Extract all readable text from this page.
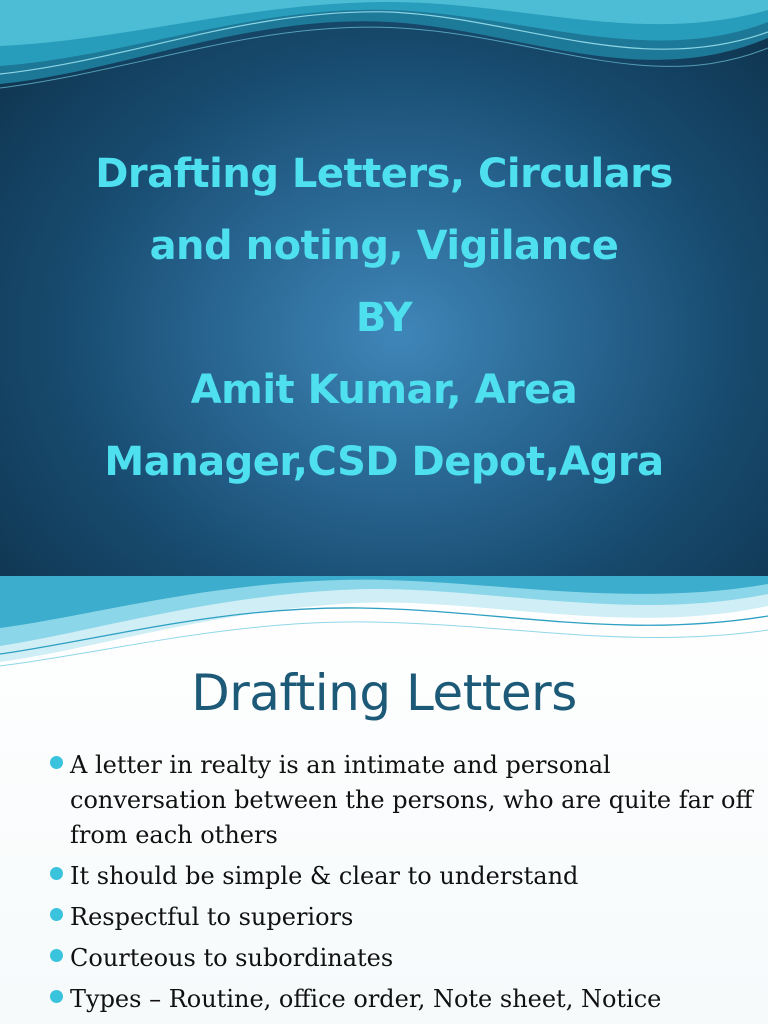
Drafting Letters, Circulars
and noting, Vigilance
BY
Amit Kumar, Area
Manager,CSD Depot,Agra
Drafting Letters
A letter in realty is an intimate and personal conversation between the persons, who are quite far off from each others
It should be simple & clear to understand
Respectful to superiors
Courteous to subordinates
Types – Routine, office order, Note sheet, Notice
